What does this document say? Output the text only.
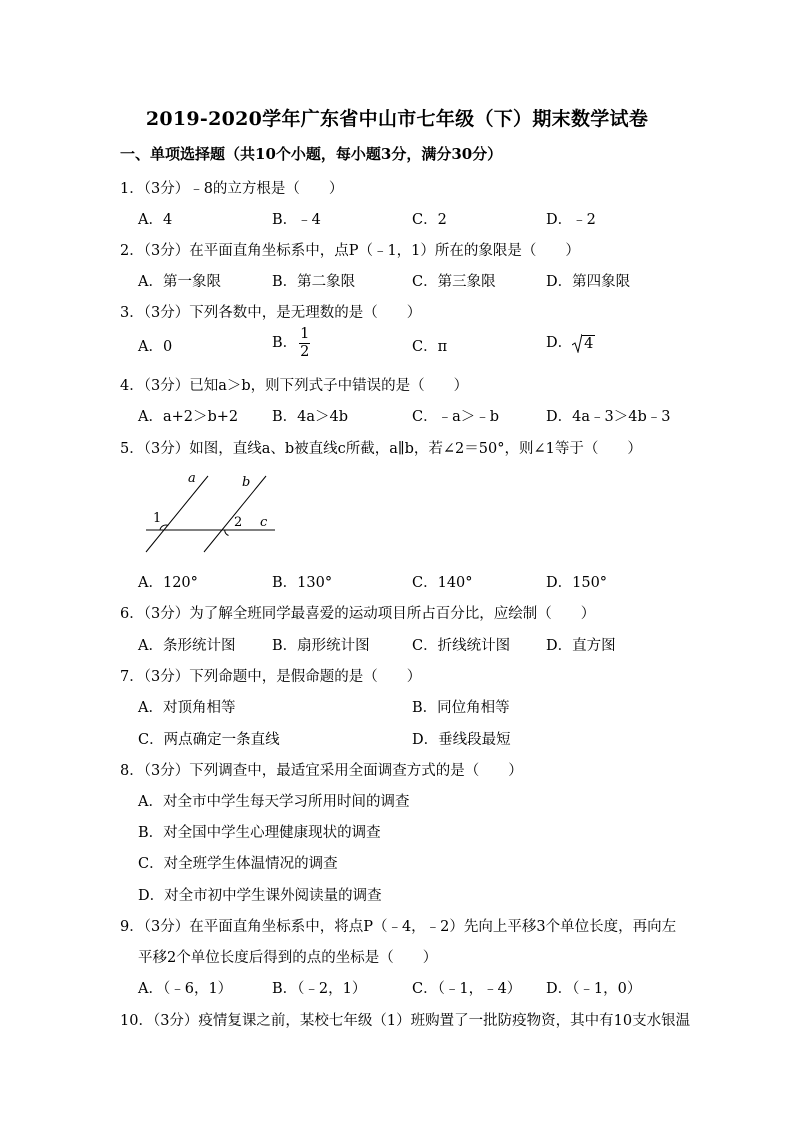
2019-2020学年广东省中山市七年级（下）期末数学试卷
一、单项选择题（共10个小题，每小题3分，满分30分）
1．（3分）﹣8的立方根是（　　）
A．4	B．﹣4	C．2	D．﹣2
2．（3分）在平面直角坐标系中，点P（﹣1，1）所在的象限是（　　）
A．第一象限	B．第二象限	C．第三象限	D．第四象限
3．（3分）下列各数中，是无理数的是（　　）
A．0	B． $\frac{1}{2}$	C．π	D． 4
4．（3分）已知a＞b，则下列式子中错误的是（　　）
A．a+2＞b+2 B．4a＞4b	C．﹣a＞﹣b	D．4a﹣3＞4b﹣3
5．（3分）如图，直线a、b被直线c所截，a∥b，若∠2＝50°，则∠1等于（　　）
a	b
c
1	2
A．120°	B．130°	C．140°	D．150°
6．（3分）为了解全班同学最喜爱的运动项目所占百分比，应绘制（　　）
A．条形统计图	B．扇形统计图	C．折线统计图 D．直方图
7．（3分）下列命题中，是假命题的是（　　）
A．对顶角相等	B．同位角相等
C．两点确定一条直线	D．垂线段最短
8．（3分）下列调查中，最适宜采用全面调查方式的是（　　）
A．对全市中学生每天学习所用时间的调查
B．对全国中学生心理健康现状的调查
C．对全班学生体温情况的调查
D．对全市初中学生课外阅读量的调查
9．（3分）在平面直角坐标系中，将点P（﹣4，﹣2）先向上平移3个单位长度，再向左
平移2个单位长度后得到的点的坐标是（　　）
A．（﹣6，1）	B．（﹣2，1）	C．（﹣1，﹣4） D．（﹣1，0）
10．（3分）疫情复课之前，某校七年级（1）班购置了一批防疫物资，其中有10支水银温
